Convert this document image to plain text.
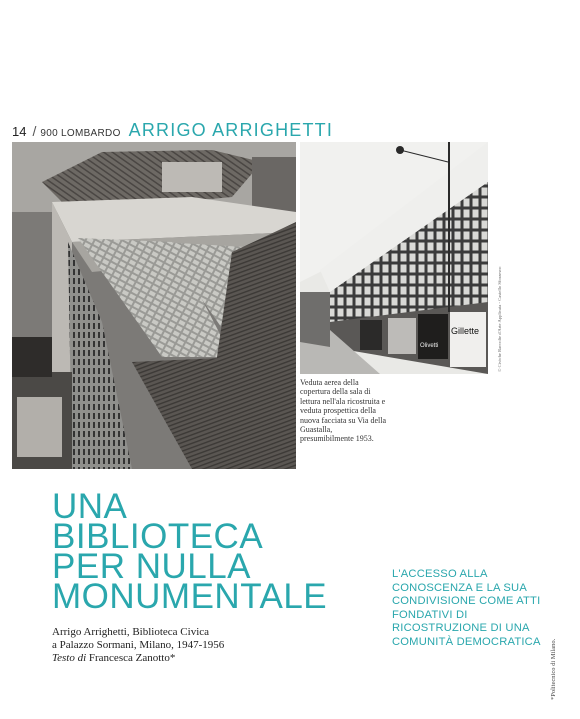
14 / 900 LOMBARDO ARRIGO ARRIGHETTI
Gillette
Olivetti	© Civiche Raccolte d'Arte Applicata - Castello Sforzesco
Veduta aerea della copertura della sala di lettura nell'ala ricostruita e veduta prospettica della nuova facciata su Via della Guastalla, presumibilmente 1953.
UNA
BIBLIOTECA
PER NULLA
MONUMENTALE
Arrigo Arrighetti, Biblioteca Civica
a Palazzo Sormani, Milano, 1947-1956
Testo di Francesca Zanotto*
L'ACCESSO ALLA CONOSCENZA E LA SUA CONDIVISIONE COME ATTI FONDATIVI DI RICOSTRUZIONE DI UNA COMUNITÀ DEMOCRATICA *Politecnico di Milano.
